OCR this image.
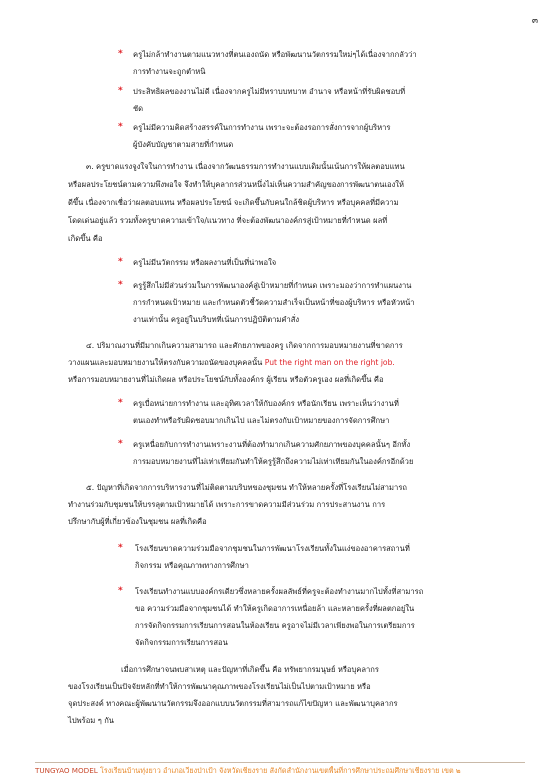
๓
* ครูไม่กล้าทำงานตามแนวทางที่ตนเองถนัด หรือพัฒนานวัตกรรมใหม่ๆได้เนื่องจากกลัวว่า
การทำงานจะถูกตำหนิ
* ประสิทธิผลของงานไม่ดี เนื่องจากครูไม่มีทราบบทบาท อำนาจ หรือหน้าที่รับผิดชอบที่
ชัด
* ครูไม่มีความคิดสร้างสรรค์ในการทำงาน เพราะจะต้องรอการสั่งการจากผู้บริหาร
ผู้บังคับบัญชาตามสายที่กำหนด
๓. ครูขาดแรงจูงใจในการทำงาน เนื่องจากวัฒนธรรมการทำงานแบบเดิมนั้นเน้นการให้ผลตอบแทน
หรือผลประโยชน์ตามความพึงพอใจ จึงทำให้บุคลากรส่วนหนึ่งไม่เห็นความสำคัญของการพัฒนาตนเองให้
ดีขึ้น เนื่องจากเชื่อว่าผลตอบแทน หรือผลประโยชน์ จะเกิดขึ้นกับคนใกล้ชิดผู้บริหาร หรือบุคคลที่มีความ
โดดเด่นอยู่แล้ว รวมทั้งครูขาดความเข้าใจ/แนวทาง ที่จะต้องพัฒนาองค์กรสู่เป้าหมายที่กำหนด ผลที่
เกิดขึ้น คือ
* ครูไม่มีนวัตกรรม หรือผลงานที่เป็นที่น่าพอใจ
* ครูรู้สึกไม่มีส่วนร่วมในการพัฒนาองค์สู่เป้าหมายที่กำหนด เพราะมองว่าการทำแผนงาน
การกำหนดเป้าหมาย และกำหนดตัวชี้วัดความสำเร็จเป็นหน้าที่ของผู้บริหาร หรือหัวหน้า
งานเท่านั้น ครูอยู่ในบริบทที่เน้นการปฏิบัติตามคำสั่ง
๔. ปริมาณงานที่มีมากเกินความสามารถ และศักยภาพของครู เกิดจากการมอบหมายงานที่ขาดการ
วางแผนและมอบหมายงานให้ตรงกับความถนัดของบุคคลนั้น Put the right man on the right job.
หรือการมอบหมายงานที่ไม่เกิดผล หรือประโยชน์กับทั้งองค์กร ผู้เรียน หรือตัวครูเอง ผลที่เกิดขึ้น คือ
* ครูเบื่อหน่ายการทำงาน และอุทิศเวลาให้กับองค์กร หรือนักเรียน เพราะเห็นว่างานที่
ตนเองทำหรือรับผิดชอบมากเกินไป และไม่ตรงกับเป้าหมายของการจัดการศึกษา
* ครูเหนื่อยกับการทำงานเพราะงานที่ต้องทำมากเกินความศักยภาพของบุคคลนั้นๆ อีกทั้ง
การมอบหมายงานที่ไม่เท่าเทียมกันทำให้ครูรู้สึกถึงความไม่เท่าเทียมกันในองค์กรอีกด้วย
๕. ปัญหาที่เกิดจากการบริหารงานที่ไม่ติดตามบริบทของชุมชน ทำให้หลายครั้งที่โรงเรียนไม่สามารถ
ทำงานร่วมกับชุมชนให้บรรลุตามเป้าหมายได้ เพราะการขาดความมีส่วนร่วม การประสานงาน การ
ปรึกษากับผู้ที่เกี่ยวข้องในชุมชน ผลที่เกิดคือ
* โรงเรียนขาดความร่วมมือจากชุมชนในการพัฒนาโรงเรียนทั้งในแง่ของอาคารสถานที่
กิจกรรม หรือคุณภาพทางการศึกษา
* โรงเรียนทำงานแบบองค์กรเดียวซึ่งหลายครั้งผลลัพธ์ที่ครูจะต้องทำงานมากไปทั้งที่สามารถ
ขอ ความร่วมมือจากชุมชนได้ ทำให้ครูเกิดอาการเหนื่อยล้า และหลายครั้งที่ผลตกอยู่ใน
การจัดกิจกรรมการเรียนการสอนในห้องเรียน ครูอาจไม่มีเวลาเพียงพอในการเตรียมการ
จัดกิจกรรมการเรียนการสอน
เมื่อการศึกษาจนพบสาเหตุ และปัญหาที่เกิดขึ้น คือ ทรัพยากรมนุษย์ หรือบุคลากร
ของโรงเรียนเป็นปัจจัยหลักที่ทำให้การพัฒนาคุณภาพของโรงเรียนไม่เป็นไปตามเป้าหมาย หรือ
จุดประสงค์ ทางคณะผู้พัฒนานวัตกรรมจึงออกแบบนวัตกรรมที่สามารถแก้ไขปัญหา และพัฒนาบุคลากร
ไปพร้อม ๆ กัน
TUNGYAO MODEL โรงเรียนบ้านทุ่งยาว อำเภอเวียงป่าเป้า จังหวัดเชียงราย สังกัดสำนักงานเขตพื้นที่การศึกษาประถมศึกษาเชียงราย เขต ๒
